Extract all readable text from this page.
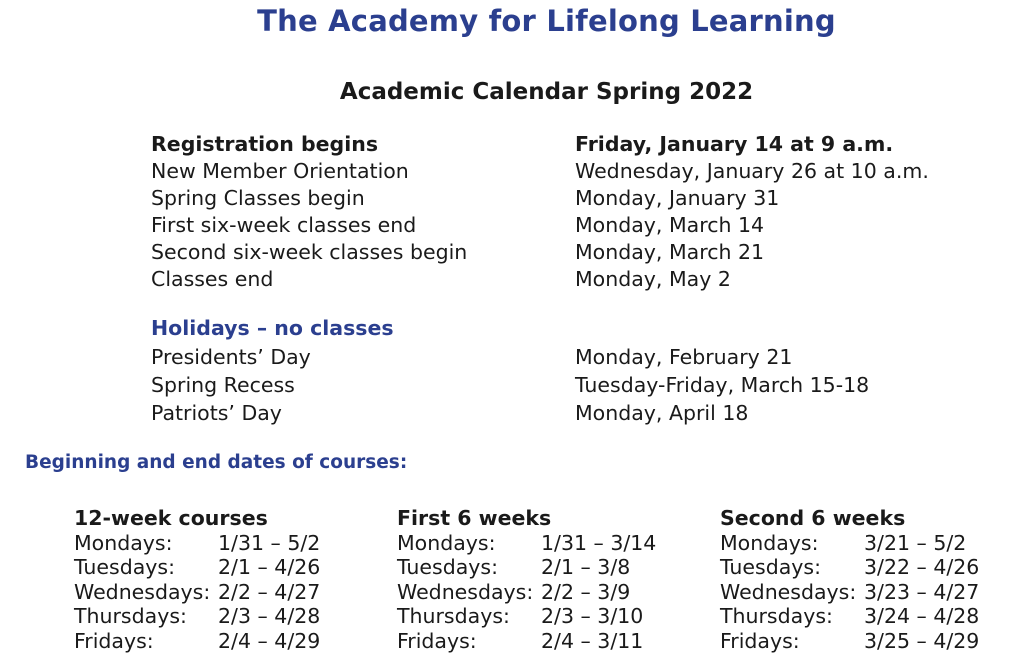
The Academy for Lifelong Learning
Academic Calendar Spring 2022
Registration begins	Friday, January 14 at 9 a.m.
New Member Orientation	Wednesday, January 26 at 10 a.m.
Spring Classes begin	Monday, January 31
First six-week classes end	Monday, March 14
Second six-week classes begin	Monday, March 21
Classes end	Monday, May 2
Holidays – no classes
Presidents’ Day	Monday, February 21
Spring Recess	Tuesday-Friday, March 15-18
Patriots’ Day	Monday, April 18
Beginning and end dates of courses:
12-week courses
Mondays: 1/31 – 5/2
Tuesdays: 2/1 – 4/26
Wednesdays: 2/2 – 4/27
Thursdays: 2/3 – 4/28
Fridays:	2/4 – 4/29
First 6 weeks
Mondays: 1/31 – 3/14
Tuesdays: 2/1 – 3/8
Wednesdays: 2/2 – 3/9
Thursdays: 2/3 – 3/10
Fridays:	2/4 – 3/11
Second 6 weeks
Mondays: 3/21 – 5/2
Tuesdays: 3/22 – 4/26
Wednesdays: 3/23 – 4/27
Thursdays: 3/24 – 4/28
Fridays:	3/25 – 4/29
